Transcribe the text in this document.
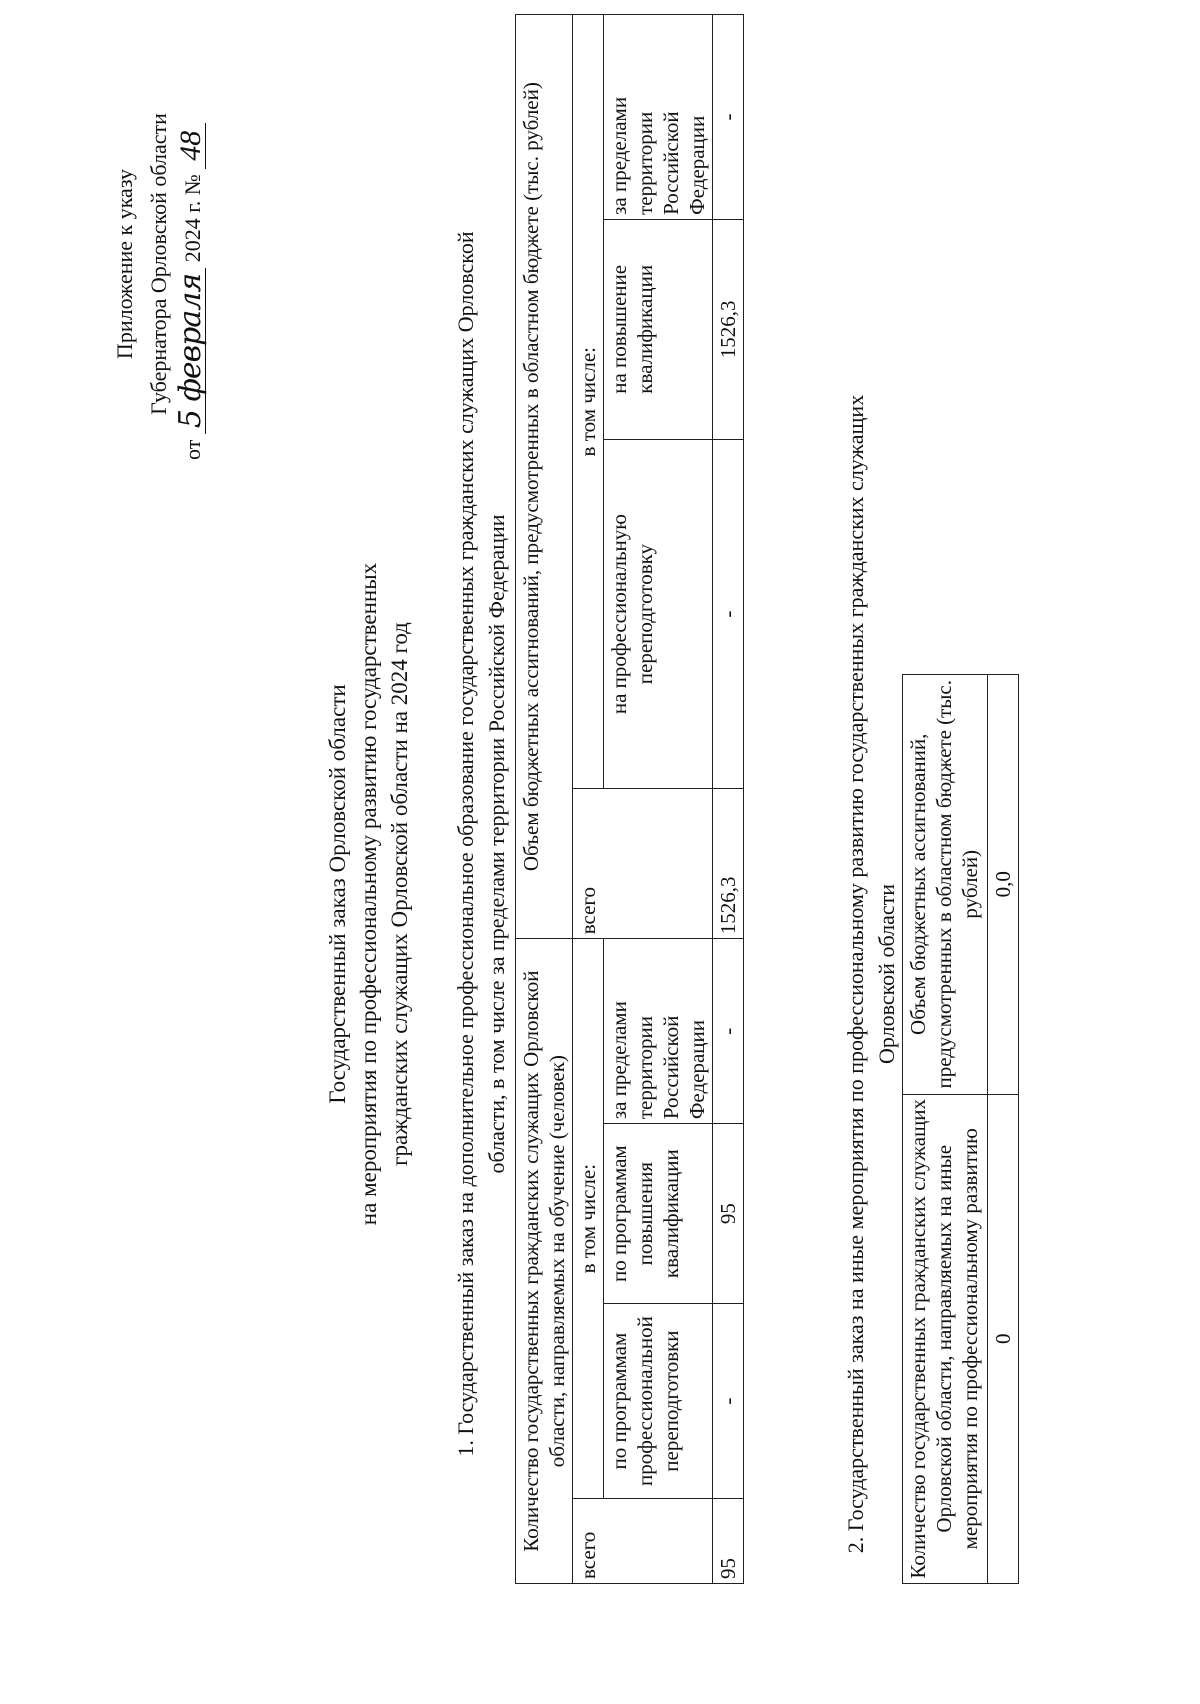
Приложение к указу Губернатора Орловской области
от 5 февраля 2024 г. № 48
Государственный заказ Орловской области на мероприятия по профессиональному развитию государственных гражданских служащих Орловской области на 2024 год 1. Государственный заказ на дополнительное профессиональное образование государственных гражданских служащих Орловской области, в том числе за пределами территории Российской Федерации
Количество государственных гражданских служащих Орловской области, направляемых на обучение (человек)				Объем бюджетных ассигнований, предусмотренных в областном бюджете (тыс. рублей)			
всего	в том числе:			всего	в том числе:		
	по программам профессиональной переподготовки	по программам повышения квалификации	за пределами территории Российской Федерации		на профессиональную переподготовку	на повышение квалификации	за пределами территории Российской Федерации
95	-	95	-	1526,3	-	1526,3	-
2. Государственный заказ на иные мероприятия по профессиональному развитию государственных гражданских служащих Орловской области
Количество государственных гражданских служащих Орловской области, направляемых на иные мероприятия по профессиональному развитию	Объем бюджетных ассигнований, предусмотренных в областном бюджете (тыс. рублей)
0	0,0
